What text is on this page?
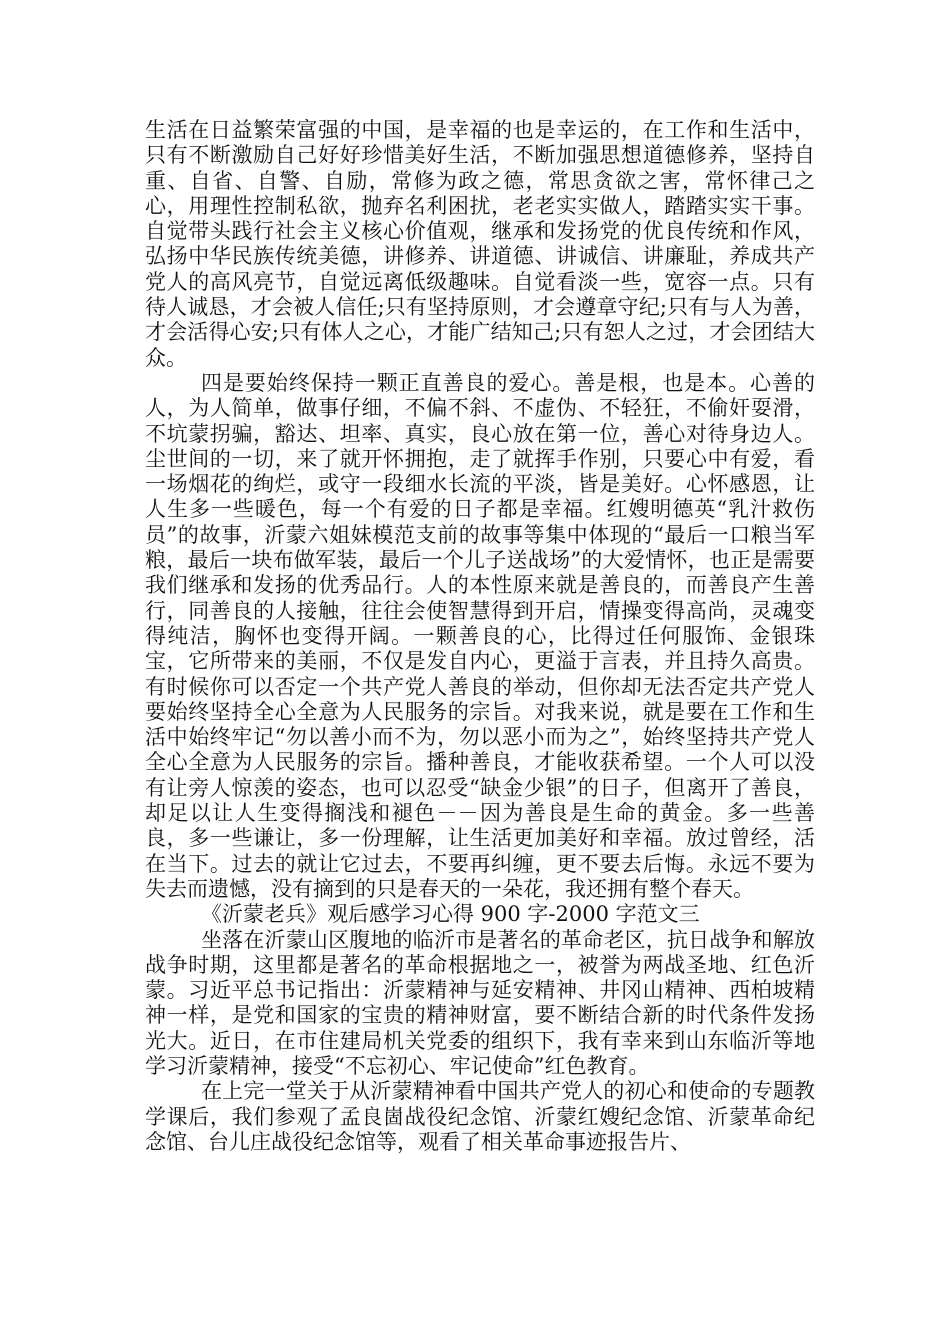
生活在日益繁荣富强的中国，是幸福的也是幸运的，在工作和生活中，只有不断激励自己好好珍惜美好生活，不断加强思想道德修养，坚持自重、自省、自警、自励，常修为政之德，常思贪欲之害，常怀律己之心，用理性控制私欲，抛弃名利困扰，老老实实做人，踏踏实实干事。自觉带头践行社会主义核心价值观，继承和发扬党的优良传统和作风，弘扬中华民族传统美德，讲修养、讲道德、讲诚信、讲廉耻，养成共产党人的高风亮节，自觉远离低级趣味。自觉看淡一些，宽容一点。只有待人诚恳，才会被人信任;只有坚持原则，才会遵章守纪;只有与人为善，才会活得心安;只有体人之心，才能广结知己;只有恕人之过，才会团结大众。

四是要始终保持一颗正直善良的爱心。善是根，也是本。心善的人，为人简单，做事仔细，不偏不斜、不虚伪、不轻狂，不偷奸耍滑，不坑蒙拐骗，豁达、坦率、真实，良心放在第一位，善心对待身边人。尘世间的一切，来了就开怀拥抱，走了就挥手作别，只要心中有爱，看一场烟花的绚烂，或守一段细水长流的平淡，皆是美好。心怀感恩，让人生多一些暖色，每一个有爱的日子都是幸福。红嫂明德英“乳汁救伤员”的故事，沂蒙六姐妹模范支前的故事等集中体现的“最后一口粮当军粮，最后一块布做军装，最后一个儿子送战场”的大爱情怀，也正是需要我们继承和发扬的优秀品行。人的本性原来就是善良的，而善良产生善行，同善良的人接触，往往会使智慧得到开启，情操变得高尚，灵魂变得纯洁，胸怀也变得开阔。一颗善良的心，比得过任何服饰、金银珠宝，它所带来的美丽，不仅是发自内心，更溢于言表，并且持久高贵。有时候你可以否定一个共产党人善良的举动，但你却无法否定共产党人要始终坚持全心全意为人民服务的宗旨。对我来说，就是要在工作和生活中始终牢记“勿以善小而不为，勿以恶小而为之”，始终坚持共产党人全心全意为人民服务的宗旨。播种善良，才能收获希望。一个人可以没有让旁人惊羡的姿态，也可以忍受“缺金少银”的日子，但离开了善良，却足以让人生变得搁浅和褪色－－因为善良是生命的黄金。多一些善良，多一些谦让，多一份理解，让生活更加美好和幸福。放过曾经，活在当下。过去的就让它过去，不要再纠缠，更不要去后悔。永远不要为失去而遗憾，没有摘到的只是春天的一朵花，我还拥有整个春天。

《沂蒙老兵》观后感学习心得 900 字-2000 字范文三

坐落在沂蒙山区腹地的临沂市是著名的革命老区，抗日战争和解放战争时期，这里都是著名的革命根据地之一，被誉为两战圣地、红色沂蒙。习近平总书记指出：沂蒙精神与延安精神、井冈山精神、西柏坡精神一样，是党和国家的宝贵的精神财富，要不断结合新的时代条件发扬光大。近日，在市住建局机关党委的组织下，我有幸来到山东临沂等地学习沂蒙精神，接受“不忘初心、牢记使命”红色教育。

在上完一堂关于从沂蒙精神看中国共产党人的初心和使命的专题教学课后，我们参观了孟良崮战役纪念馆、沂蒙红嫂纪念馆、沂蒙革命纪念馆、台儿庄战役纪念馆等，观看了相关革命事迹报告片、
